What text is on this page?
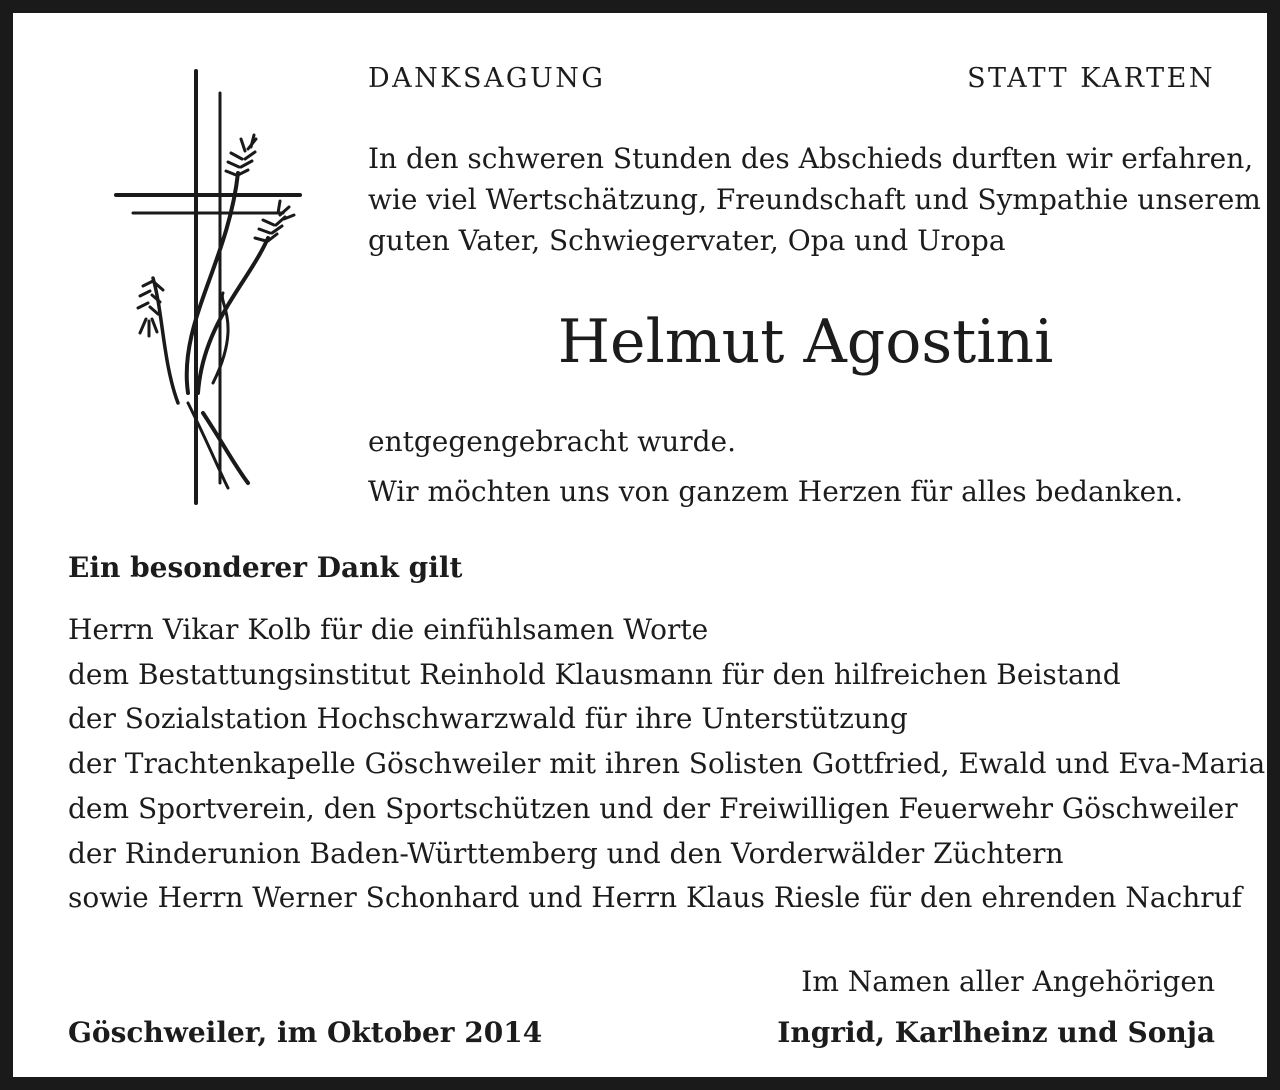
DANKSAGUNG	STATT KARTEN
In den schweren Stunden des Abschieds durften wir erfahren,
wie viel Wertschätzung, Freundschaft und Sympathie unserem
guten Vater, Schwiegervater, Opa und Uropa
Helmut Agostini
entgegengebracht wurde.
Wir möchten uns von ganzem Herzen für alles bedanken.
Ein besonderer Dank gilt
Herrn Vikar Kolb für die einfühlsamen Worte
dem Bestattungsinstitut Reinhold Klausmann für den hilfreichen Beistand
der Sozialstation Hochschwarzwald für ihre Unterstützung
der Trachtenkapelle Göschweiler mit ihren Solisten Gottfried, Ewald und Eva-Maria
dem Sportverein, den Sportschützen und der Freiwilligen Feuerwehr Göschweiler
der Rinderunion Baden-Württemberg und den Vorderwälder Züchtern
sowie Herrn Werner Schonhard und Herrn Klaus Riesle für den ehrenden Nachruf
Im Namen aller Angehörigen
Ingrid, Karlheinz und Sonja
Göschweiler, im Oktober 2014
